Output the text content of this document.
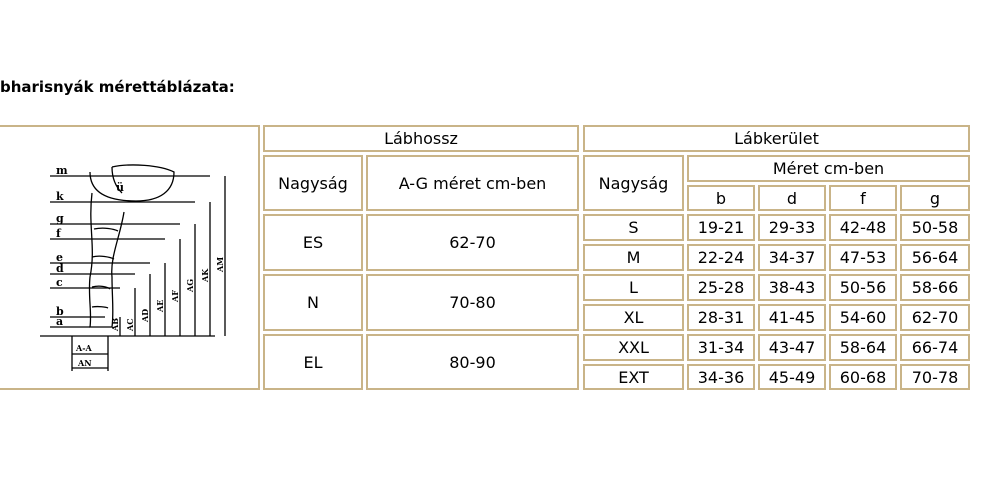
bharisnyák mérettáblázata:
m
k
g
f
e
d
c
b
a
ü
AB AC
AD
AE
AF
AG
AK
AM
A-A
AN
Lábhossz
Nagyság	A-G méret cm-ben
ES	62-70
N	70-80
EL	80-90
Lábkerület
Nagyság
Méret cm-ben
b	d	f	g
S	19-21	29-33	42-48	50-58
M	22-24	34-37	47-53	56-64
L	25-28	38-43	50-56	58-66
XL	28-31	41-45	54-60	62-70
XXL	31-34	43-47	58-64	66-74
EXT	34-36	45-49	60-68	70-78
